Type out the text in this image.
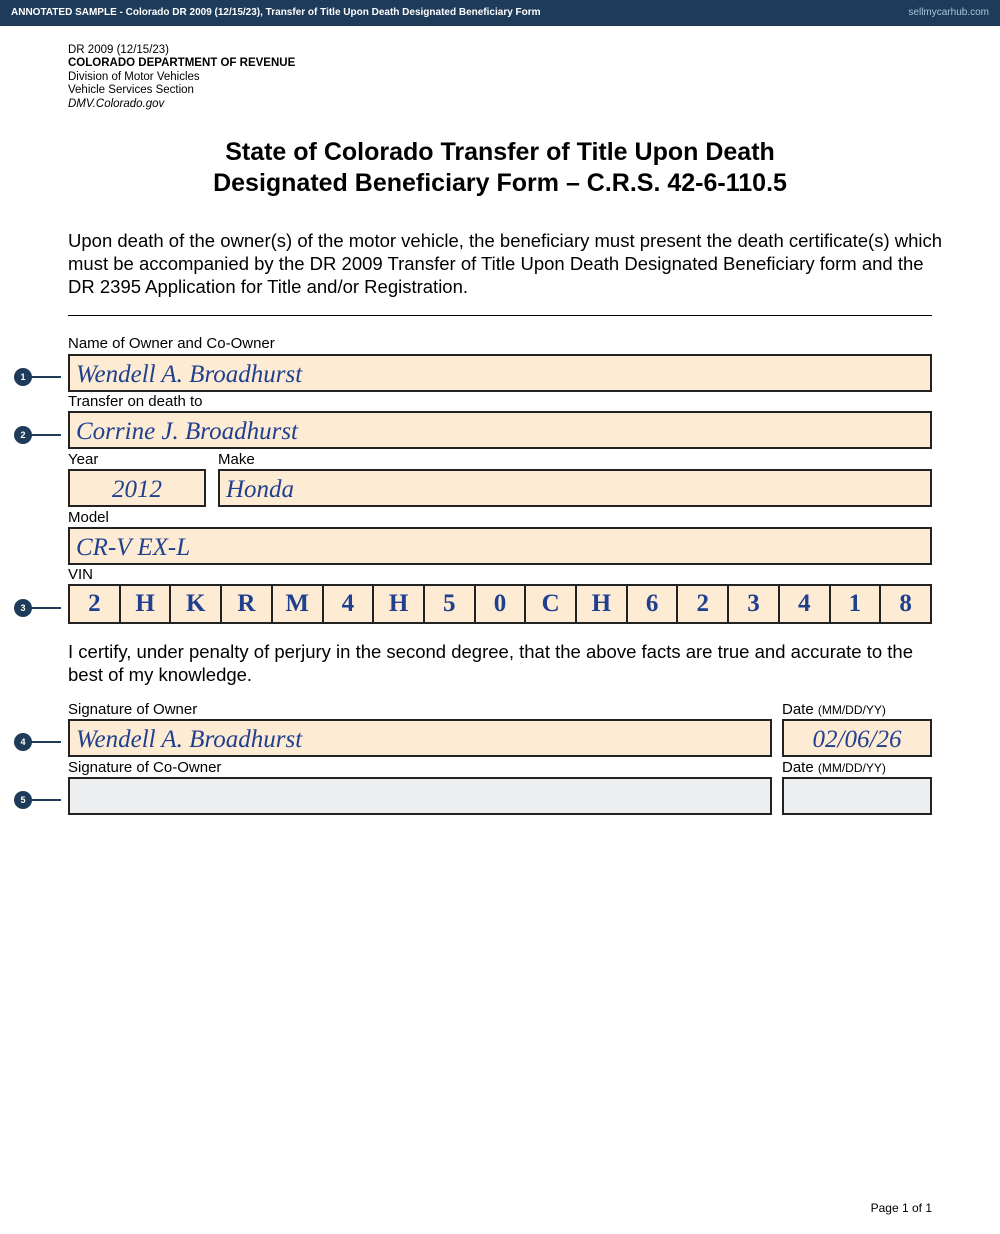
ANNOTATED SAMPLE - Colorado DR 2009 (12/15/23), Transfer of Title Upon Death Designated Beneficiary Form	sellmycarhub.com
DR 2009 (12/15/23)
COLORADO DEPARTMENT OF REVENUE
Division of Motor Vehicles
Vehicle Services Section
DMV.Colorado.gov
State of Colorado Transfer of Title Upon Death
Designated Beneficiary Form – C.R.S. 42-6-110.5
Upon death of the owner(s) of the motor vehicle, the beneficiary must present the death certificate(s) which must be accompanied by the DR 2009 Transfer of Title Upon Death Designated Beneficiary form and the DR 2395 Application for Title and/or Registration.
Name of Owner and Co-Owner
1 Wendell A. Broadhurst
Transfer on death to
2 Corrine J. Broadhurst
Year	Make
2012	Honda
Model
CR-V EX-L
VIN
3	2	H	K	R	M	4	H	5	0	C	H	6	2	3	4	1	8
I certify, under penalty of perjury in the second degree, that the above facts are true and accurate to the best of my knowledge.
Signature of Owner	Date (MM/DD/YY)
4 Wendell A. Broadhurst	02/06/26
Signature of Co-Owner	Date (MM/DD/YY)
5
Page 1 of 1
